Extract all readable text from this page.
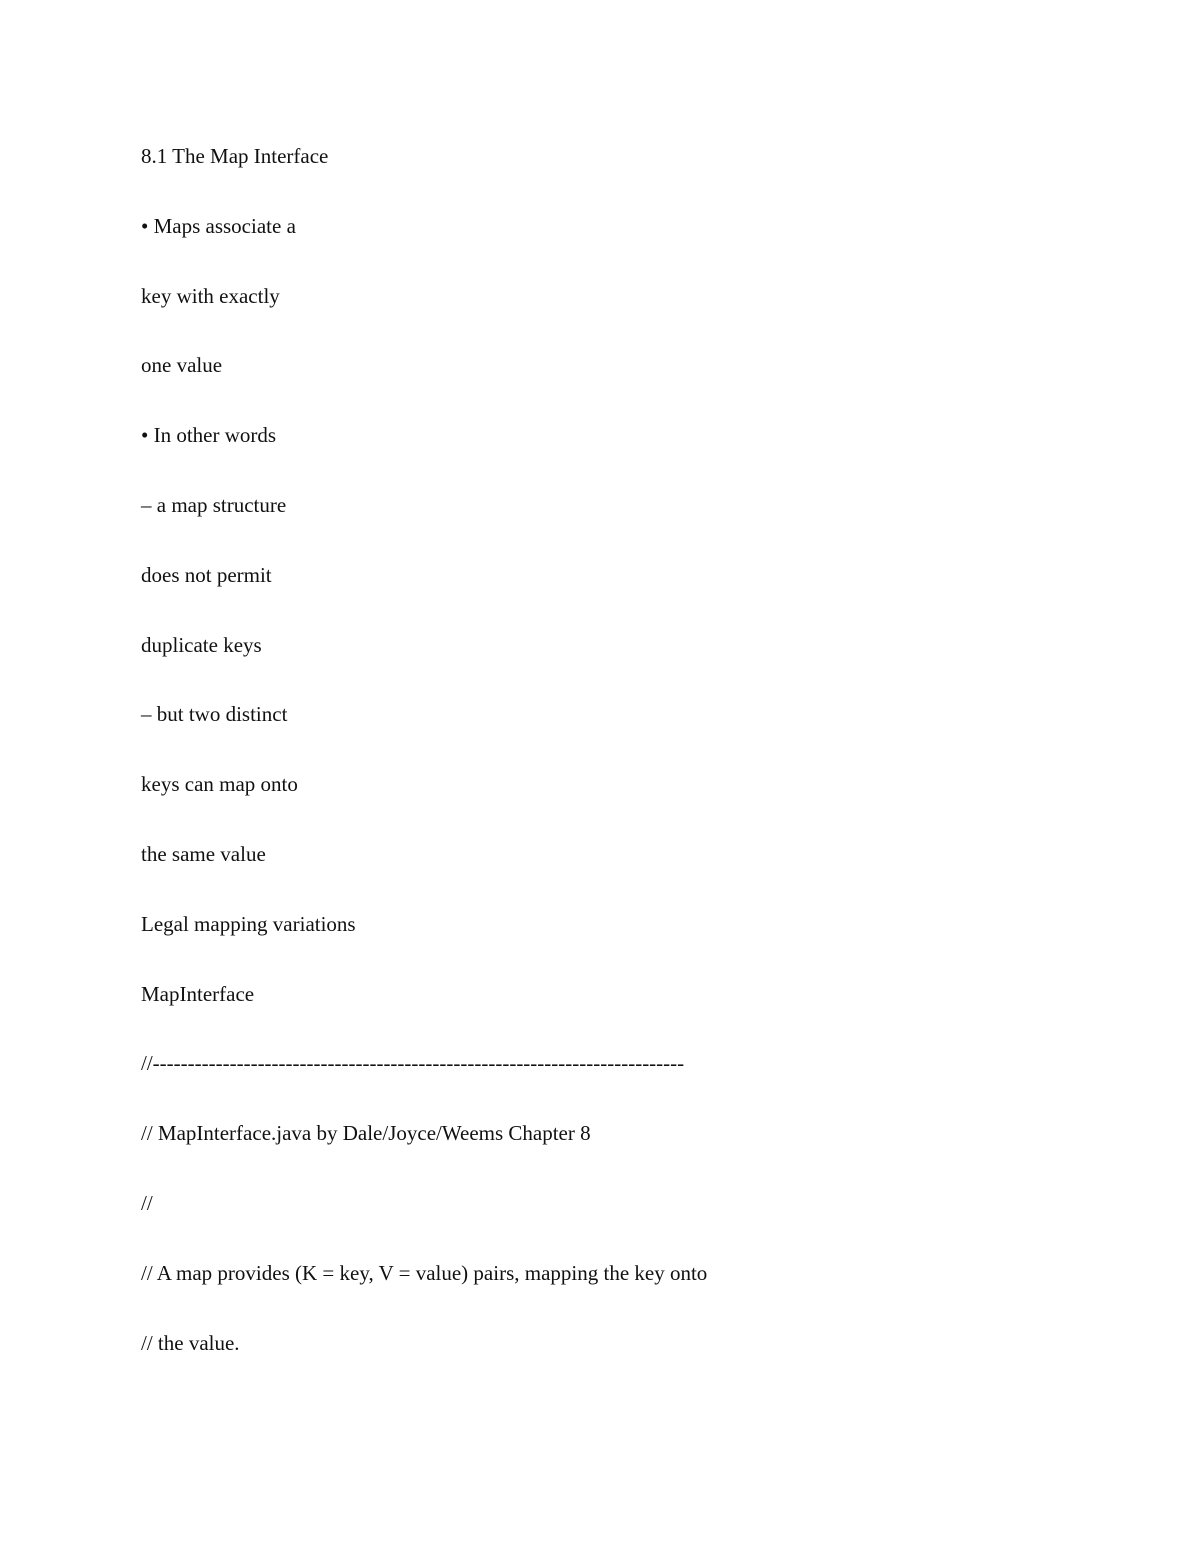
8.1 The Map Interface
• Maps associate a
key with exactly
one value
• In other words
– a map structure
does not permit
duplicate keys
– but two distinct
keys can map onto
the same value
Legal mapping variations
MapInterface
//----------------------------------------------------------------------------
// MapInterface.java by Dale/Joyce/Weems Chapter 8
//
// A map provides (K = key, V = value) pairs, mapping the key onto
// the value.
